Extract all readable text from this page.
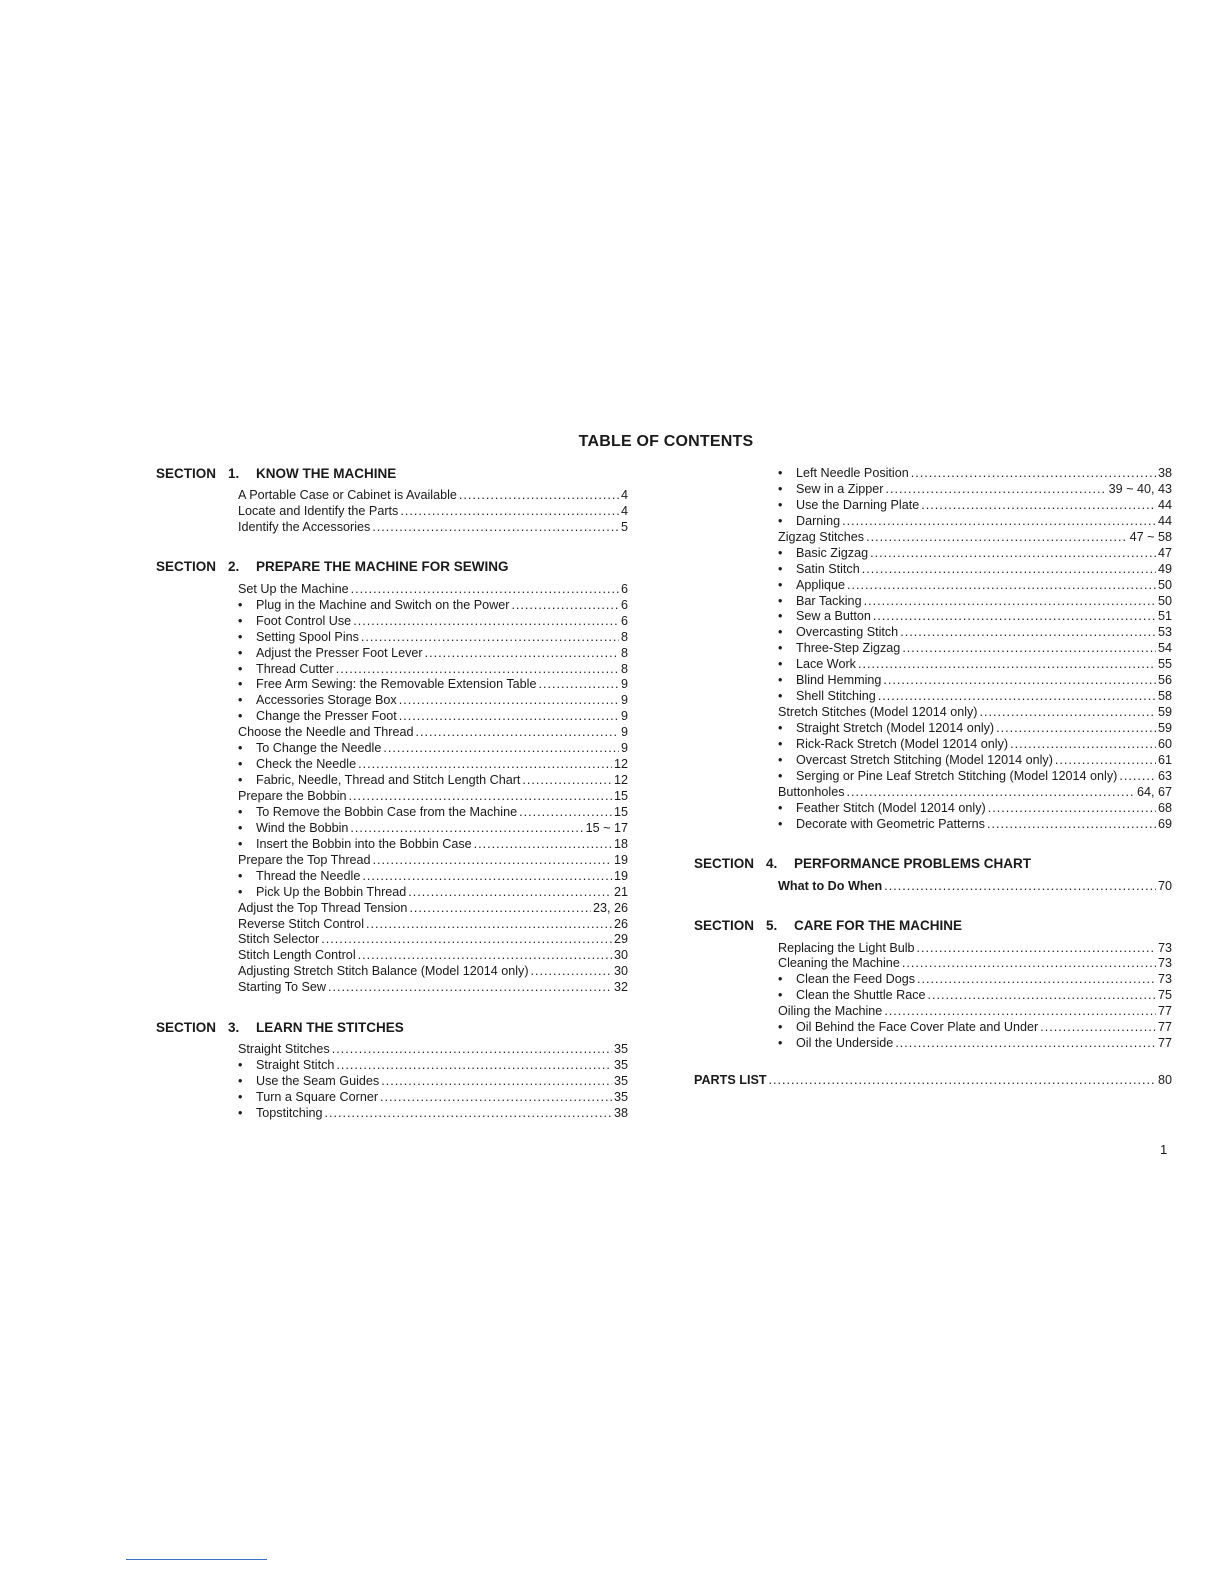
TABLE OF CONTENTS
SECTION 1.	KNOW THE MACHINE
A Portable Case or Cabinet is Available .....	4
Locate and Identify the Parts .....	4
Identify the Accessories .....	5
SECTION 2.	PREPARE THE MACHINE FOR SEWING
Set Up the Machine .....	6
• Plug in the Machine and Switch on the Power .....	6
• Foot Control Use .....	6
• Setting Spool Pins .....	8
• Adjust the Presser Foot Lever .....	8
• Thread Cutter .....	8
• Free Arm Sewing: the Removable Extension Table .....	9
• Accessories Storage Box .....	9
• Change the Presser Foot .....	9
Choose the Needle and Thread .....	9
• To Change the Needle .....	9
• Check the Needle .....	12
• Fabric, Needle, Thread and Stitch Length Chart .....	12
Prepare the Bobbin .....	15
• To Remove the Bobbin Case from the Machine .....	15
• Wind the Bobbin .....	15 ~ 17
• Insert the Bobbin into the Bobbin Case .....	18
Prepare the Top Thread .....	19
• Thread the Needle .....	19
• Pick Up the Bobbin Thread .....	21
Adjust the Top Thread Tension .....	23, 26
Reverse Stitch Control .....	26
Stitch Selector .....	29
Stitch Length Control .....	30
Adjusting Stretch Stitch Balance (Model 12014 only) .....	30
Starting To Sew .....	32
SECTION 3.	LEARN THE STITCHES
Straight Stitches .....	35
• Straight Stitch .....	35
• Use the Seam Guides .....	35
• Turn a Square Corner .....	35
• Topstitching .....	38
• Left Needle Position .....	38
• Sew in a Zipper .....	39 ~ 40, 43
• Use the Darning Plate .....	44
• Darning .....	44
Zigzag Stitches .....	47 ~ 58
• Basic Zigzag .....	47
• Satin Stitch .....	49
• Applique .....	50
• Bar Tacking .....	50
• Sew a Button .....	51
• Overcasting Stitch .....	53
• Three-Step Zigzag .....	54
• Lace Work .....	55
• Blind Hemming .....	56
• Shell Stitching .....	58
Stretch Stitches (Model 12014 only) .....	59
• Straight Stretch (Model 12014 only) .....	59
• Rick-Rack Stretch (Model 12014 only) .....	60
• Overcast Stretch Stitching (Model 12014 only) .....	61
• Serging or Pine Leaf Stretch Stitching (Model 12014 only) .....	63
Buttonholes .....	64, 67
• Feather Stitch (Model 12014 only) .....	68
• Decorate with Geometric Patterns .....	69
SECTION 4.	PERFORMANCE PROBLEMS CHART
What to Do When .....	70
SECTION 5.	CARE FOR THE MACHINE
Replacing the Light Bulb .....	73
Cleaning the Machine .....	73
• Clean the Feed Dogs .....	73
• Clean the Shuttle Race .....	75
Oiling the Machine .....	77
• Oil Behind the Face Cover Plate and Under .....	77
• Oil the Underside .....	77
PARTS LIST .....	80
1
